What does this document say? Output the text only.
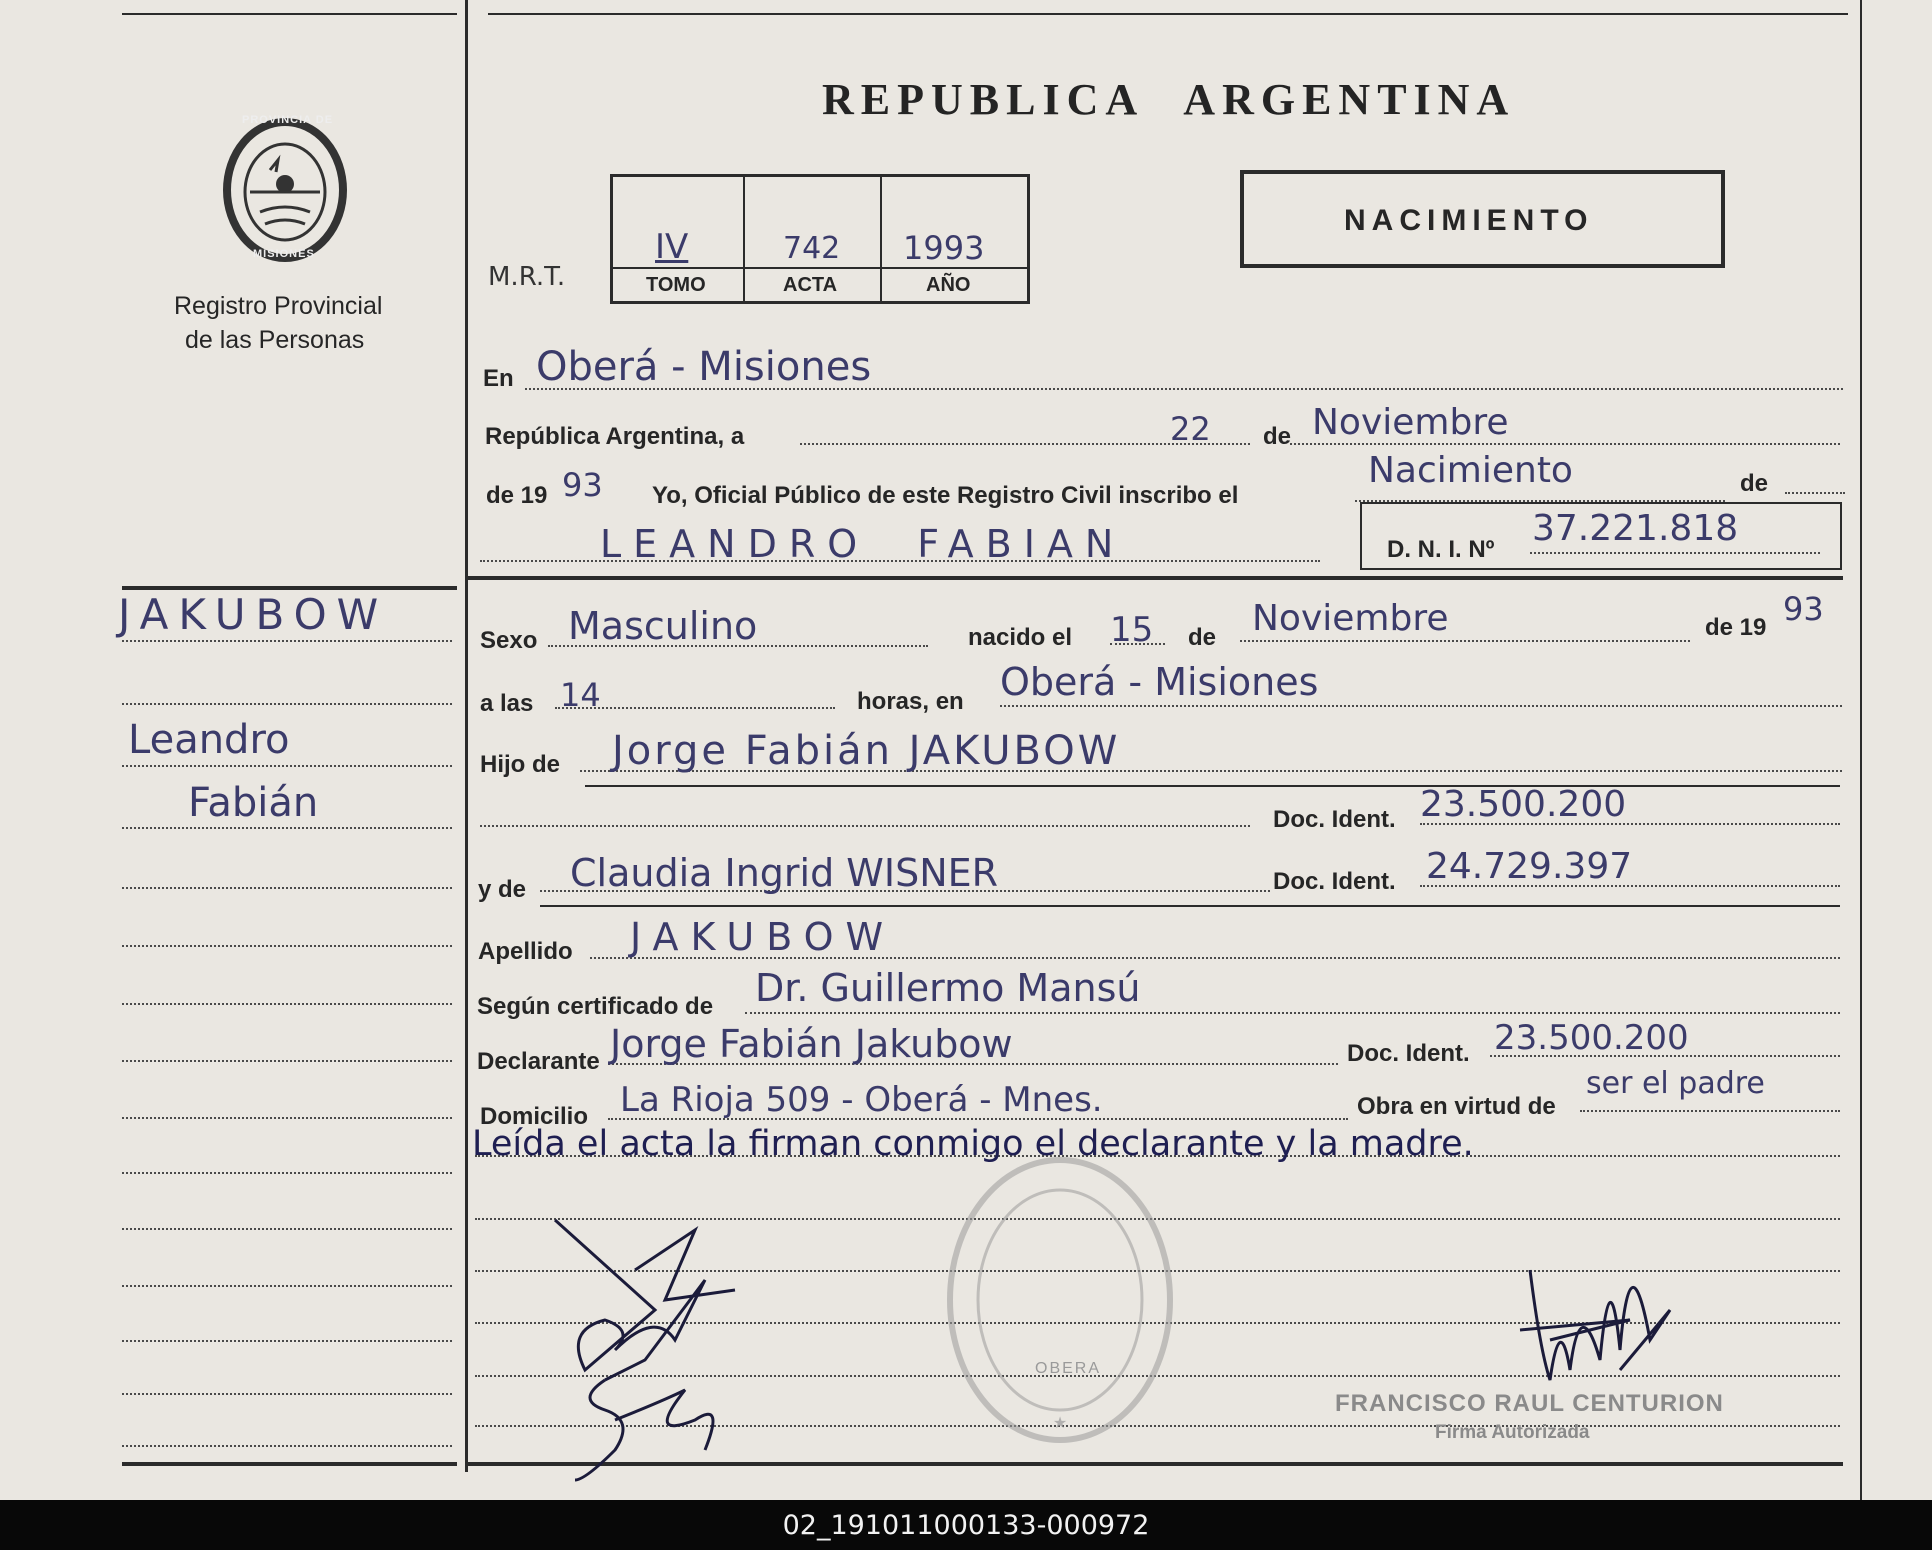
PROVINCIA DE
MISIONES
Registro Provincial
de las Personas
REPUBLICA ARGENTINA
M.R.T.
IV	742 1993
TOMO	ACTA	AÑO
NACIMIENTO
JAKUBOW
Leandro
Fabián
En Oberá - Misiones
República Argentina, a	22 de Noviembre
de 19 93 Yo, Oficial Público de este Registro Civil inscribo el
Nacimiento	de
LEANDRO FABIAN	D. N. I. Nº
37.221.818
Sexo Masculino	nacido el 15 de Noviembre	de 19 93
a las 14	horas, en Oberá - Misiones
Hijo de Jorge Fabián JAKUBOW
Doc. Ident. 23.500.200
y de Claudia Ingrid WISNER	Doc. Ident. 24.729.397
Apellido JAKUBOW
Según certificado de Dr. Guillermo Mansú
Declarante Jorge Fabián Jakubow	Doc. Ident. 23.500.200
Domicilio La Rioja 509 - Oberá - Mnes.	Obra en virtud de
ser el padre
Leída el acta la firman conmigo el declarante y la madre.
★
OBERA
FRANCISCO RAUL CENTURION
Firma Autorizada
02_191011000133-000972
